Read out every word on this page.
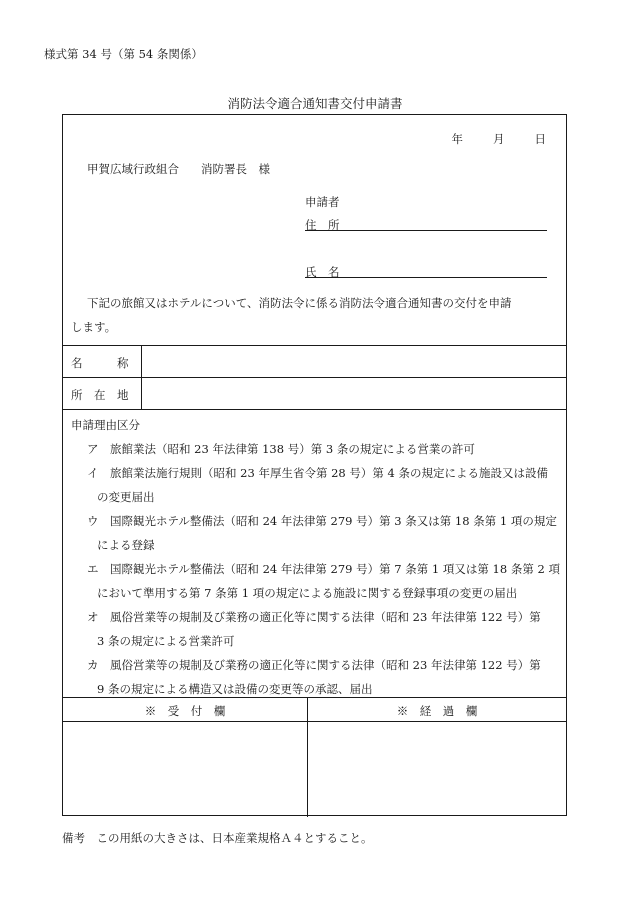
様式第 34 号（第 54 条関係）
消防法令適合通知書交付申請書
年	月	日
甲賀広域行政組合 消防署長　様
申請者
住　所
氏　名
下記の旅館又はホテルについて、消防法令に係る消防法令適合通知書の交付を申請
します。
名　　　称
所　在　地
申請理由区分
ア　 旅館業法（昭和 23 年法律第 138 号）第 3 条の規定による営業の許可
イ　 旅館業法施行規則（昭和 23 年厚生省令第 28 号）第 4 条の規定による施設又は設備
の変更届出
ウ　 国際観光ホテル整備法（昭和 24 年法律第 279 号）第 3 条又は第 18 条第 1 項の規定
による登録
エ　 国際観光ホテル整備法（昭和 24 年法律第 279 号）第 7 条第 1 項又は第 18 条第 2 項
において準用する第 7 条第 1 項の規定による施設に関する登録事項の変更の届出
オ　 風俗営業等の規制及び業務の適正化等に関する法律（昭和 23 年法律第 122 号）第
3 条の規定による営業許可
カ　 風俗営業等の規制及び業務の適正化等に関する法律（昭和 23 年法律第 122 号）第
9 条の規定による構造又は設備の変更等の承認、届出
※　受　付　欄	※　経　過　欄
備考　この用紙の大きさは、日本産業規格Ａ４とすること。
